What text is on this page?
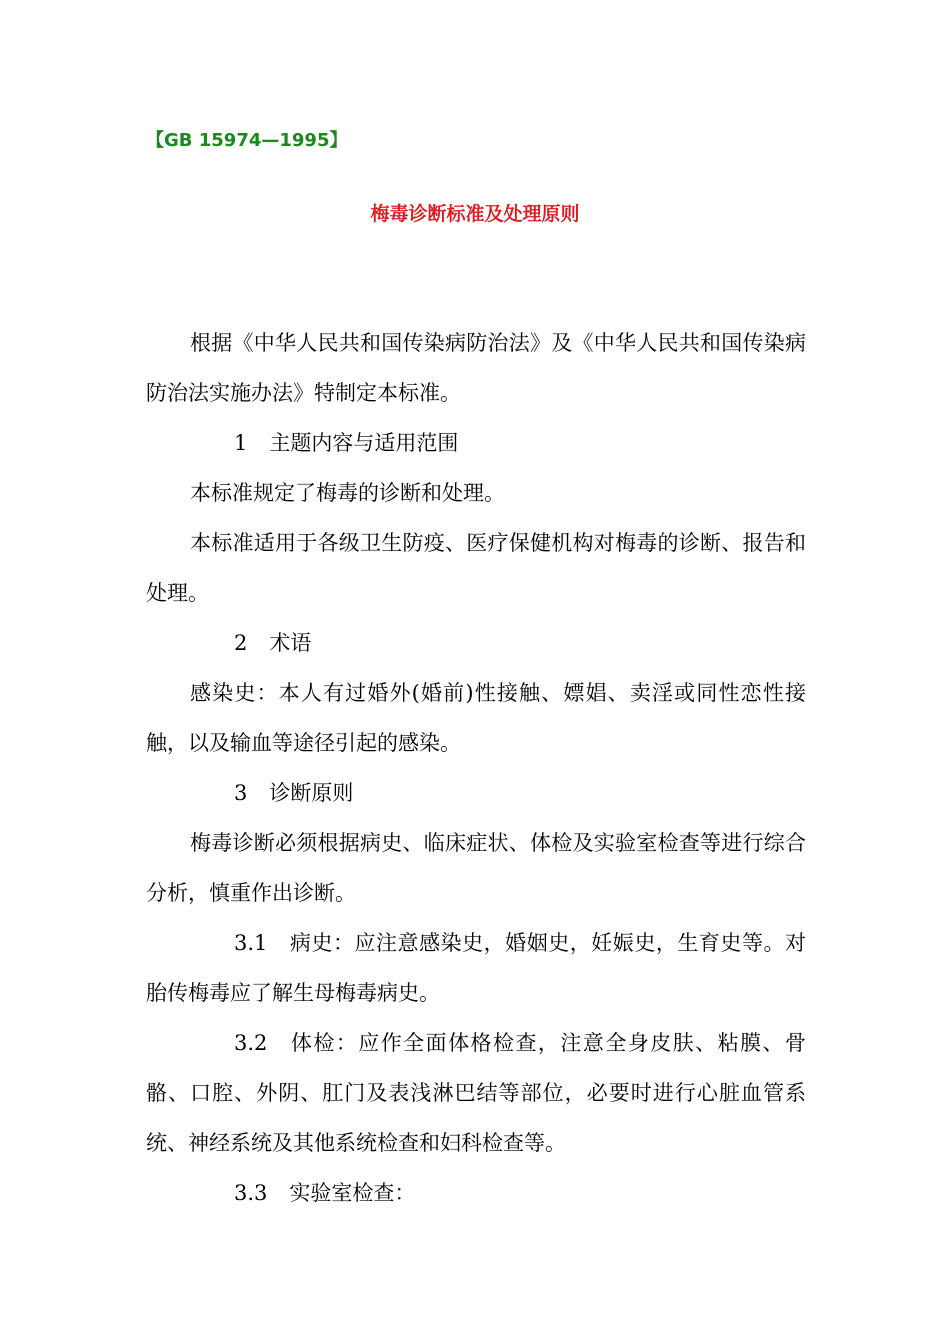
【GB 15974—1995】
梅毒诊断标准及处理原则

根据《中华人民共和国传染病防治法》及《中华人民共和国传染病防治法实施办法》特制定本标准。

1 主题内容与适用范围

本标准规定了梅毒的诊断和处理。

本标准适用于各级卫生防疫、医疗保健机构对梅毒的诊断、报告和处理。

2 术语

感染史：本人有过婚外(婚前)性接触、嫖娼、卖淫或同性恋性接触，以及输血等途径引起的感染。

3 诊断原则

梅毒诊断必须根据病史、临床症状、体检及实验室检查等进行综合分析，慎重作出诊断。

3.1 病史：应注意感染史，婚姻史，妊娠史，生育史等。对胎传梅毒应了解生母梅毒病史。

3.2 体检：应作全面体格检查，注意全身皮肤、粘膜、骨骼、口腔、外阴、肛门及表浅淋巴结等部位，必要时进行心脏血管系统、神经系统及其他系统检查和妇科检查等。

3.3 实验室检查：
